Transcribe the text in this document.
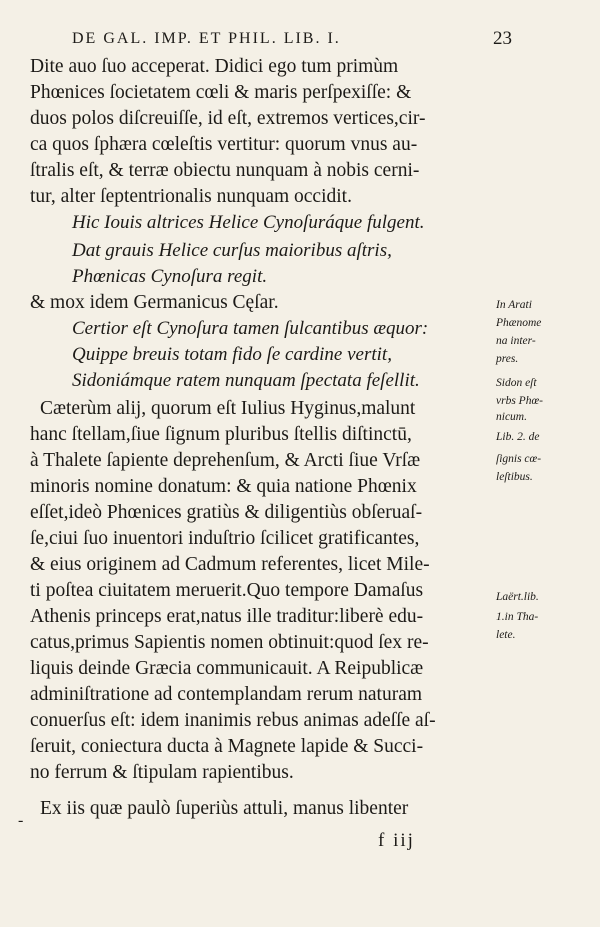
DE GAL. IMP. ET PHIL. LIB. I.	23
Dite auo ſuo acceperat. Didici ego tum primùm
Phœnices ſocietatem cœli & maris perſpexiſſe: &
duos polos diſcreuiſſe, id eſt, extremos vertices,cir-
ca quos ſphæra cœleſtis vertitur: quorum vnus au-
ſtralis eſt, & terræ obiectu nunquam à nobis cerni-
tur, alter ſeptentrionalis nunquam occidit.
Hic Iouis altrices Helice Cynoſuráque fulgent.
Dat grauis Helice curſus maioribus aſtris,
Phœnicas Cynoſura regit.
& mox idem Germanicus Cęſar.
Certior eſt Cynoſura tamen ſulcantibus æquor:
Quippe breuis totam fido ſe cardine vertit,
Sidoniámque ratem nunquam ſpectata feſellit.
Cæterùm alij, quorum eſt Iulius Hyginus,malunt
hanc ſtellam,ſiue ſignum pluribus ſtellis diſtinctū,
à Thalete ſapiente deprehenſum, & Arcti ſiue Vrſæ
minoris nomine donatum: & quia natione Phœnix
eſſet,ideò Phœnices gratiùs & diligentiùs obſeruaſ-
ſe,ciui ſuo inuentori induſtrio ſcilicet gratificantes,
& eius originem ad Cadmum referentes, licet Mile-
ti poſtea ciuitatem meruerit.Quo tempore Damaſus
Athenis princeps erat,natus ille traditur:liberè edu-
catus,primus Sapientis nomen obtinuit:quod ſex re-
liquis deinde Græcia communicauit. A Reipublicæ
adminiſtratione ad contemplandam rerum naturam
conuerſus eſt: idem inanimis rebus animas adeſſe aſ-
ſeruit, coniectura ducta à Magnete lapide & Succi-
no ferrum & ſtipulam rapientibus.
Ex iis quæ paulò ſuperiùs attuli, manus libenter
In Arati
Phænome
na inter-
pres.
Sidon eſt
vrbs Phœ-
nicum.
Lib. 2. de
ſignis cœ-
leſtibus.
Laërt.lib.
1.in Tha-
lete.
-
f iij
